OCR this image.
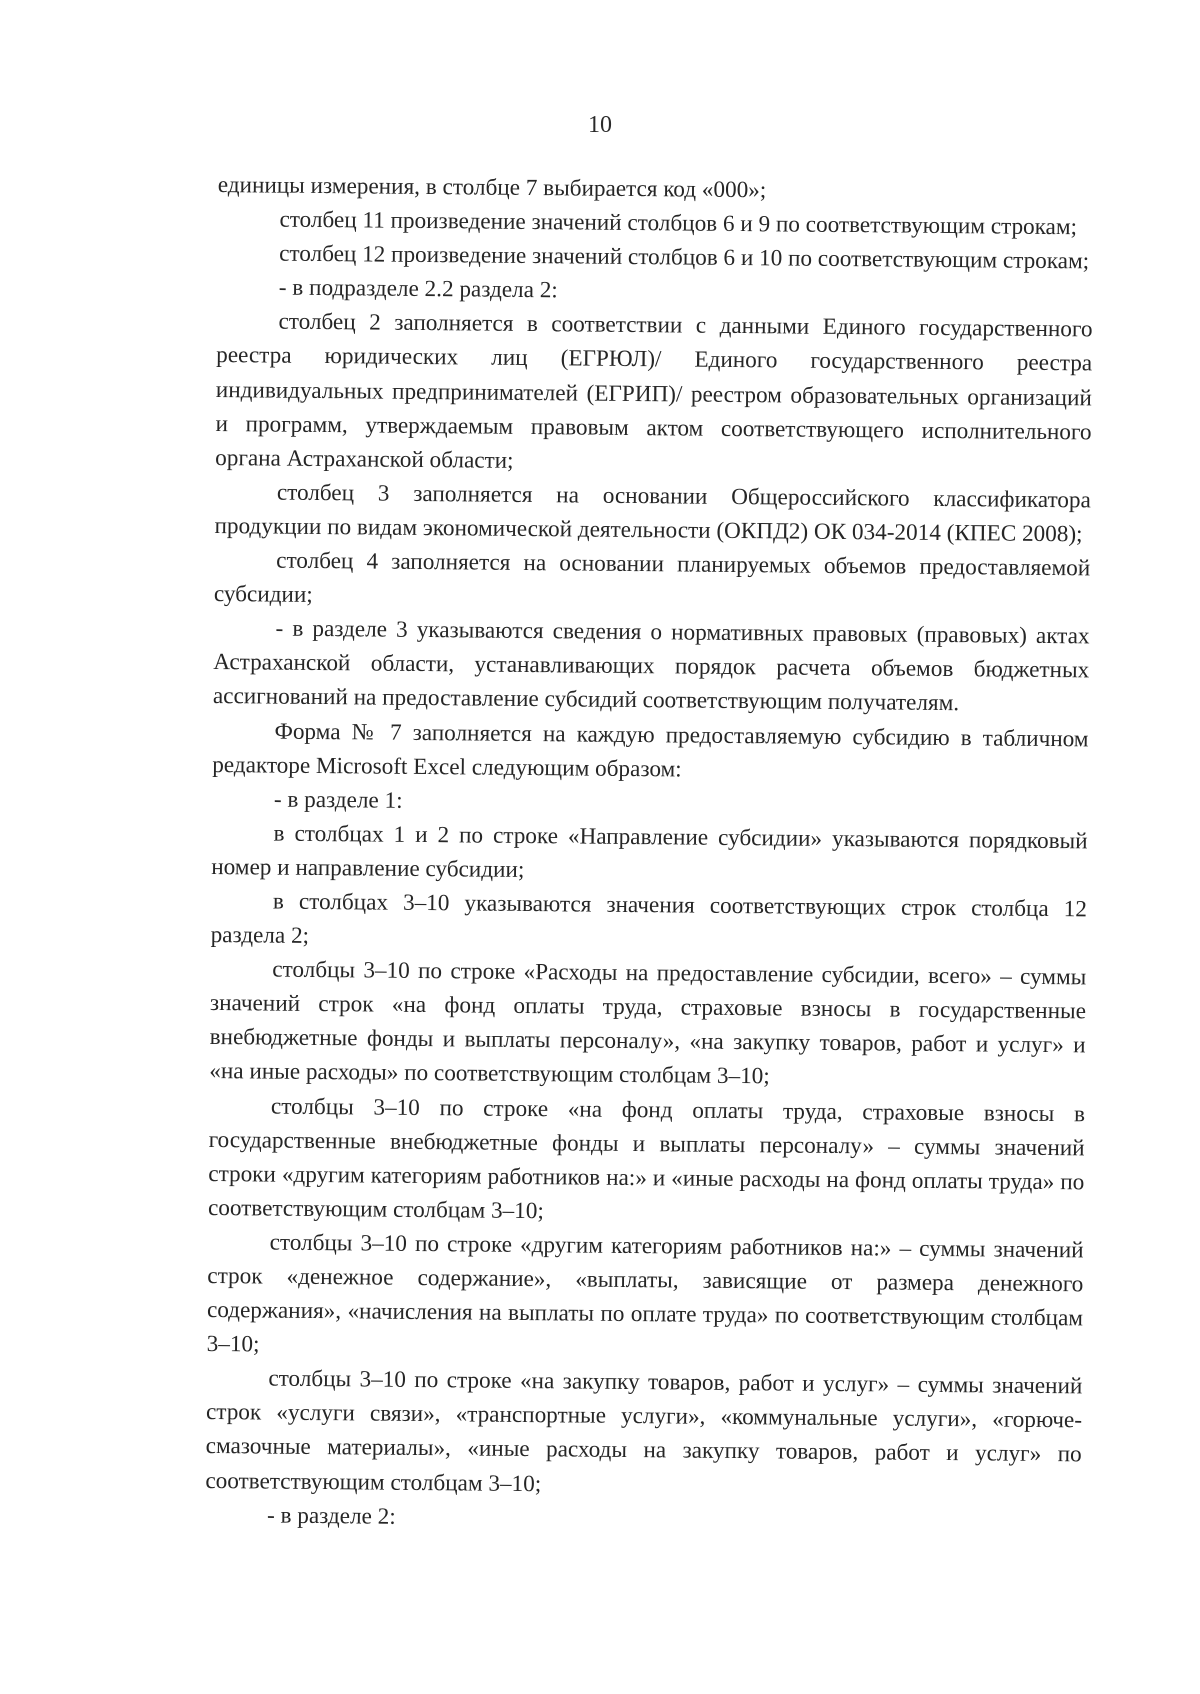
10

единицы измерения, в столбце 7 выбирается код «000»;

столбец 11 произведение значений столбцов 6 и 9 по соответствующим строкам;

столбец 12 произведение значений столбцов 6 и 10 по соответствующим строкам;

- в подразделе 2.2 раздела 2:

столбец 2 заполняется в соответствии с данными Единого государственного реестра юридических лиц (ЕГРЮЛ)/ Единого государственного реестра индивидуальных предпринимателей (ЕГРИП)/ реестром образовательных организаций и программ, утверждаемым правовым актом соответствующего исполнительного органа Астраханской области;

столбец 3 заполняется на основании Общероссийского классификатора продукции по видам экономической деятельности (ОКПД2) ОК 034-2014 (КПЕС 2008);

столбец 4 заполняется на основании планируемых объемов предоставляемой субсидии;

- в разделе 3 указываются сведения о нормативных правовых (правовых) актах Астраханской области, устанавливающих порядок расчета объемов бюджетных ассигнований на предоставление субсидий соответствующим получателям.

Форма № 7 заполняется на каждую предоставляемую субсидию в табличном редакторе Microsoft Excel следующим образом:

- в разделе 1:

в столбцах 1 и 2 по строке «Направление субсидии» указываются порядковый номер и направление субсидии;

в столбцах 3–10 указываются значения соответствующих строк столбца 12 раздела 2;

столбцы 3–10 по строке «Расходы на предоставление субсидии, всего» – суммы значений строк «на фонд оплаты труда, страховые взносы в государственные внебюджетные фонды и выплаты персоналу», «на закупку товаров, работ и услуг» и «на иные расходы» по соответствующим столбцам 3–10;

столбцы 3–10 по строке «на фонд оплаты труда, страховые взносы в государственные внебюджетные фонды и выплаты персоналу» – суммы значений строки «другим категориям работников на:» и «иные расходы на фонд оплаты труда» по соответствующим столбцам 3–10;

столбцы 3–10 по строке «другим категориям работников на:» – суммы значений строк «денежное содержание», «выплаты, зависящие от размера денежного содержания», «начисления на выплаты по оплате труда» по соответствующим столбцам 3–10;

столбцы 3–10 по строке «на закупку товаров, работ и услуг» – суммы значений строк «услуги связи», «транспортные услуги», «коммунальные услуги», «горюче-смазочные материалы», «иные расходы на закупку товаров, работ и услуг» по соответствующим столбцам 3–10;

- в разделе 2:
